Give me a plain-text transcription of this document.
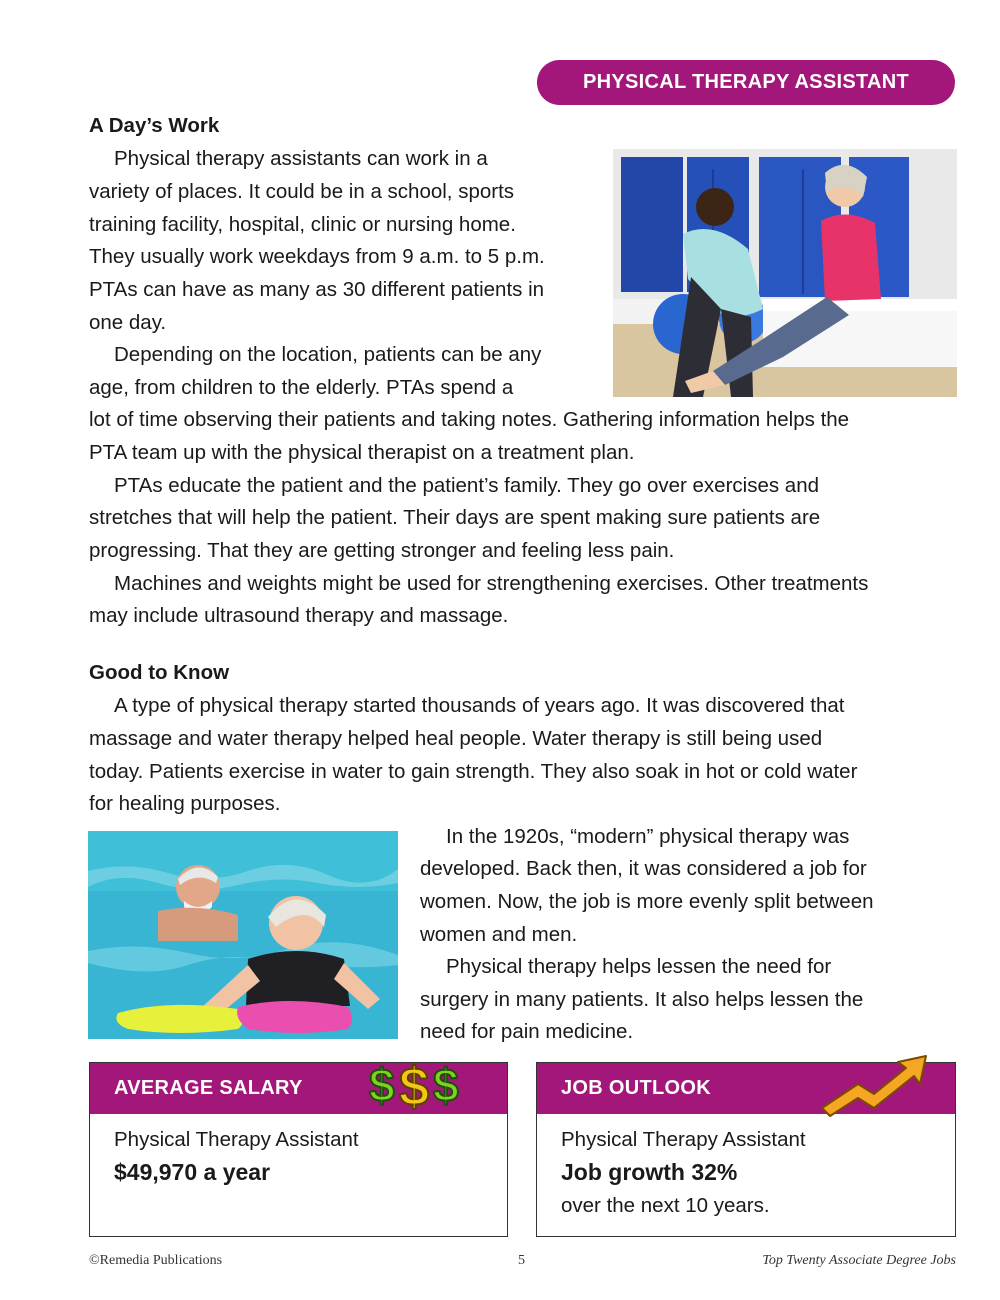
PHYSICAL THERAPY ASSISTANT
A Day’s Work

Physical therapy assistants can work in a

variety of places. It could be in a school, sports

training facility, hospital, clinic or nursing home.

They usually work weekdays from 9 a.m. to 5 p.m.

PTAs can have as many as 30 different patients in

one day.

Depending on the location, patients can be any

age, from children to the elderly. PTAs spend a

lot of time observing their patients and taking notes. Gathering information helps the

PTA team up with the physical therapist on a treatment plan.

PTAs educate the patient and the patient’s family. They go over exercises and

stretches that will help the patient. Their days are spent making sure patients are

progressing. That they are getting stronger and feeling less pain.

Machines and weights might be used for strengthening exercises. Other treatments

may include ultrasound therapy and massage.

Good to Know

A type of physical therapy started thousands of years ago. It was discovered that

massage and water therapy helped heal people. Water therapy is still being used

today. Patients exercise in water to gain strength. They also soak in hot or cold water

for healing purposes.

In the 1920s, “modern” physical therapy was

developed. Back then, it was considered a job for

women. Now, the job is more evenly split between

women and men.

Physical therapy helps lessen the need for

surgery in many patients. It also helps lessen the

need for pain medicine.

AVERAGE SALARY

Physical Therapy Assistant

$49,970 a year

$ $ $	JOB OUTLOOK

Physical Therapy Assistant

Job growth 32%

over the next 10 years.

©Remedia Publications	5	Top Twenty Associate Degree Jobs
